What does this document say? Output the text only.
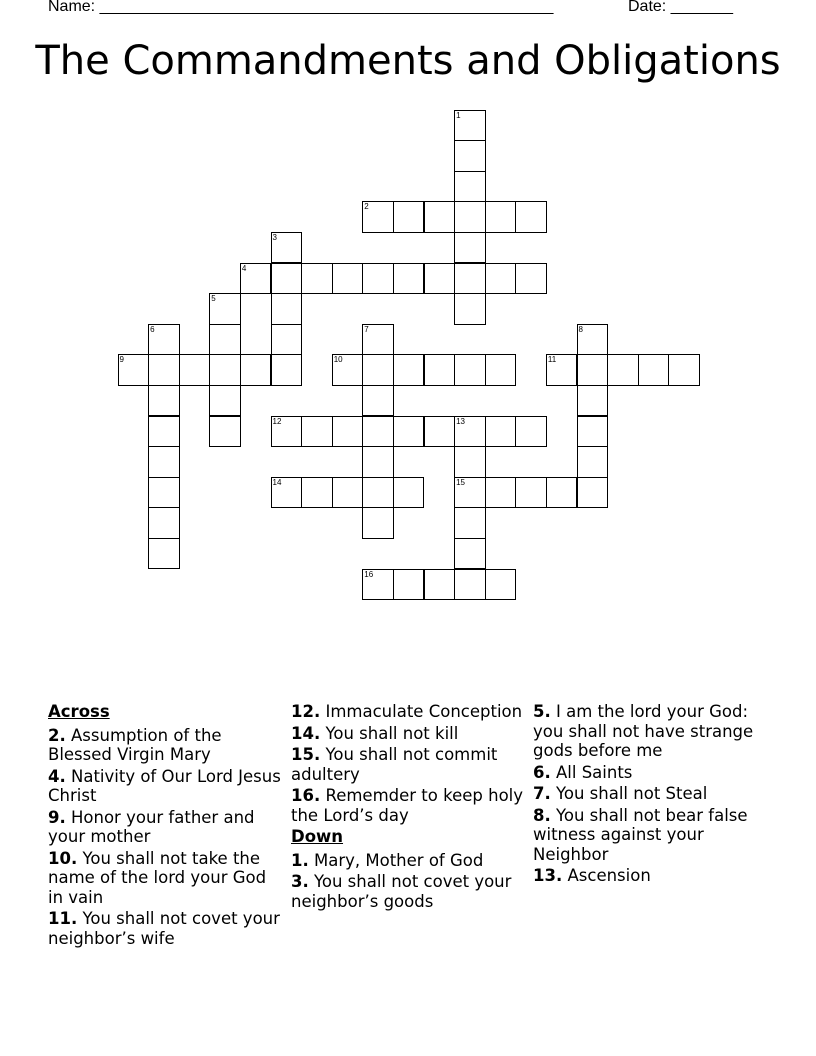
Name: ___________________________________________________	Date: _______
The Commandments and Obligations
1
2
3
4
5
6	7	8
9	10	11
12	13
15
14
16
Across
2. Assumption of the Blessed Virgin Mary
4. Nativity of Our Lord Jesus Christ
9. Honor your father and your mother
10. You shall not take the name of the lord your God in vain
11. You shall not covet your neighbor’s wife
12. Immaculate Conception
14. You shall not kill
15. You shall not commit adultery
16. Rememder to keep holy the Lord’s day
Down
1. Mary, Mother of God
3. You shall not covet your neighbor’s goods
5. I am the lord your God: you shall not have strange gods before me
6. All Saints
7. You shall not Steal
8. You shall not bear false witness against your Neighbor
13. Ascension
